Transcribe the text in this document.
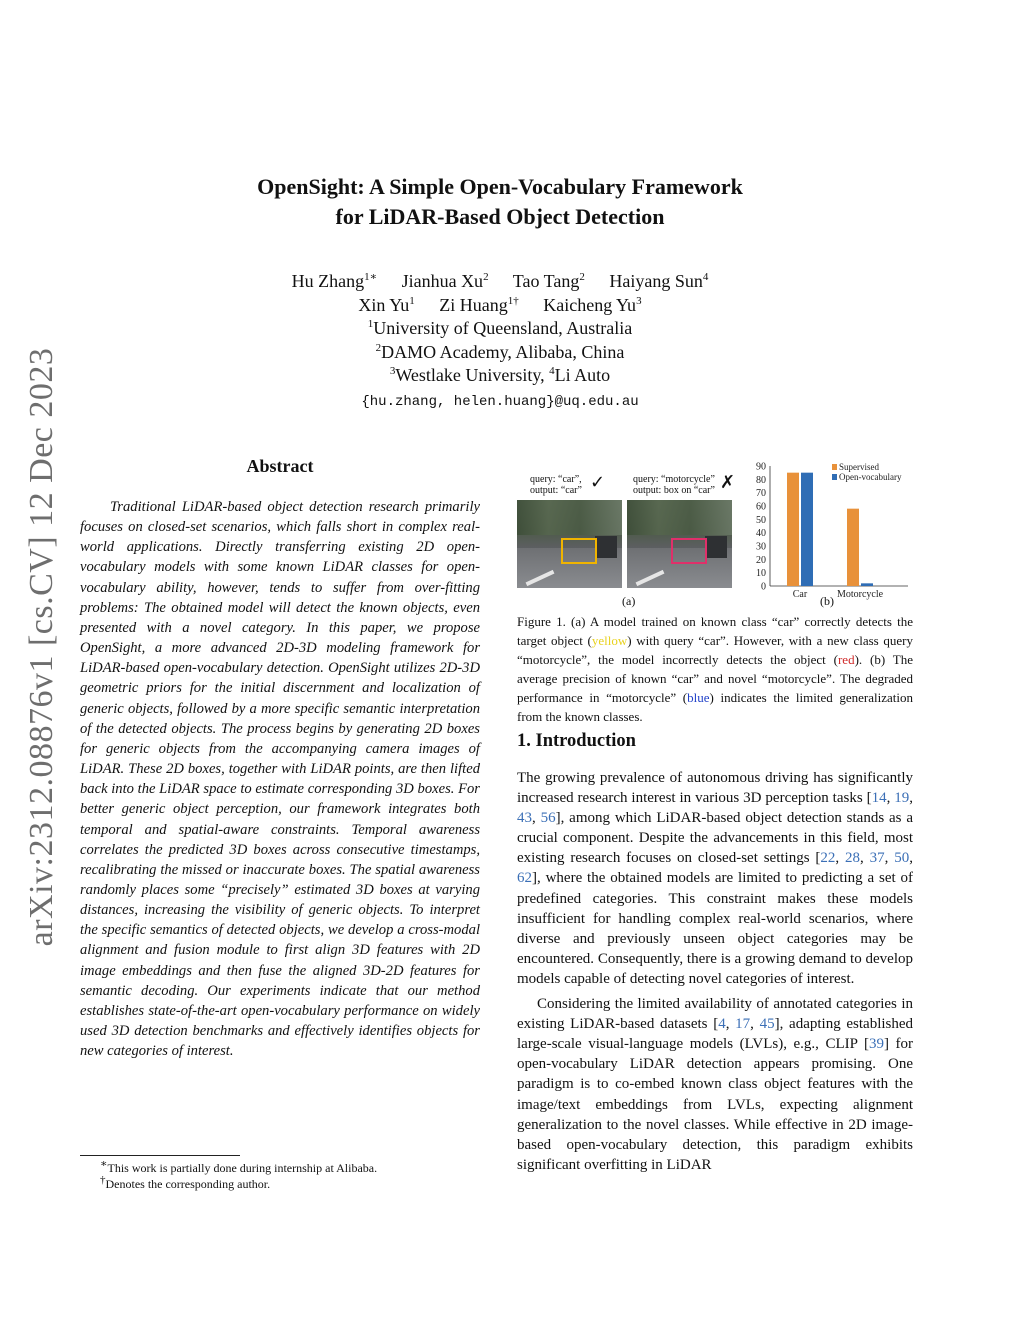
arXiv:2312.08876v1 [cs.CV] 12 Dec 2023
OpenSight: A Simple Open-Vocabulary Framework
for LiDAR-Based Object Detection
Hu Zhang$^{1∗}$ Jianhua Xu$^2$ Tao Tang$^2$ Haiyang Sun$^4$
Xin Yu$^1$ Zi Huang$^{1\dagger}$ Kaicheng Yu$^3$
$^1$University of Queensland, Australia
$^2$DAMO Academy, Alibaba, China
$^3$Westlake University, $^4$Li Auto
{hu.zhang, helen.huang}@uq.edu.au
Abstract

Traditional LiDAR-based object detection research primarily focuses on closed-set scenarios, which falls short in complex real-world applications. Directly transferring existing 2D open-vocabulary models with some known LiDAR classes for open-vocabulary ability, however, tends to suffer from over-fitting problems: The obtained model will detect the known objects, even presented with a novel category. In this paper, we propose OpenSight, a more advanced 2D-3D modeling framework for LiDAR-based open-vocabulary detection. OpenSight utilizes 2D-3D geometric priors for the initial discernment and localization of generic objects, followed by a more specific semantic interpretation of the detected objects. The process begins by generating 2D boxes for generic objects from the accompanying camera images of LiDAR. These 2D boxes, together with LiDAR points, are then lifted back into the LiDAR space to estimate corresponding 3D boxes. For better generic object perception, our framework integrates both temporal and spatial-aware constraints. Temporal awareness correlates the predicted 3D boxes across consecutive timestamps, recalibrating the missed or inaccurate boxes. The spatial awareness randomly places some “precisely” estimated 3D boxes at varying distances, increasing the visibility of generic objects. To interpret the specific semantics of detected objects, we develop a cross-modal alignment and fusion module to first align 3D features with 2D image embeddings and then fuse the aligned 3D-2D features for semantic decoding. Our experiments indicate that our method establishes state-of-the-art open-vocabulary performance on widely used 3D detection benchmarks and effectively identifies objects for new categories of interest.

∗This work is partially done during internship at Alibaba.
†Denotes the corresponding author.
query: “car”,
output: “car” ✓	query: “motorcycle”
output: box on “car” ✗
(a)
0
10
20
30
40
50
60
70
80
90
Car	Motorcycle
Supervised
Open-vocabulary
(b)

Figure 1. (a) A model trained on known class “car” correctly detects the target object (yellow) with query “car”. However, with a new class query “motorcycle”, the model incorrectly detects the object (red). (b) The average precision of known “car” and novel “motorcycle”. The degraded performance in “motorcycle” (blue) indicates the limited generalization from the known classes.

1. Introduction

The growing prevalence of autonomous driving has significantly increased research interest in various 3D perception tasks [14, 19, 43, 56], among which LiDAR-based object detection stands as a crucial component. Despite the advancements in this field, most existing research focuses on closed-set settings [22, 28, 37, 50, 62], where the obtained models are limited to predicting a set of predefined categories. This constraint makes these models insufficient for handling complex real-world scenarios, where diverse and previously unseen object categories may be encountered. Consequently, there is a growing demand to develop models capable of detecting novel categories of interest.

Considering the limited availability of annotated categories in existing LiDAR-based datasets [4, 17, 45], adapting established large-scale visual-language models (LVLs), e.g., CLIP [39] for open-vocabulary LiDAR detection appears promising. One paradigm is to co-embed known class object features with the image/text embeddings from LVLs, expecting alignment generalization to the novel classes. While effective in 2D image-based open-vocabulary detection, this paradigm exhibits significant overfitting in LiDAR
